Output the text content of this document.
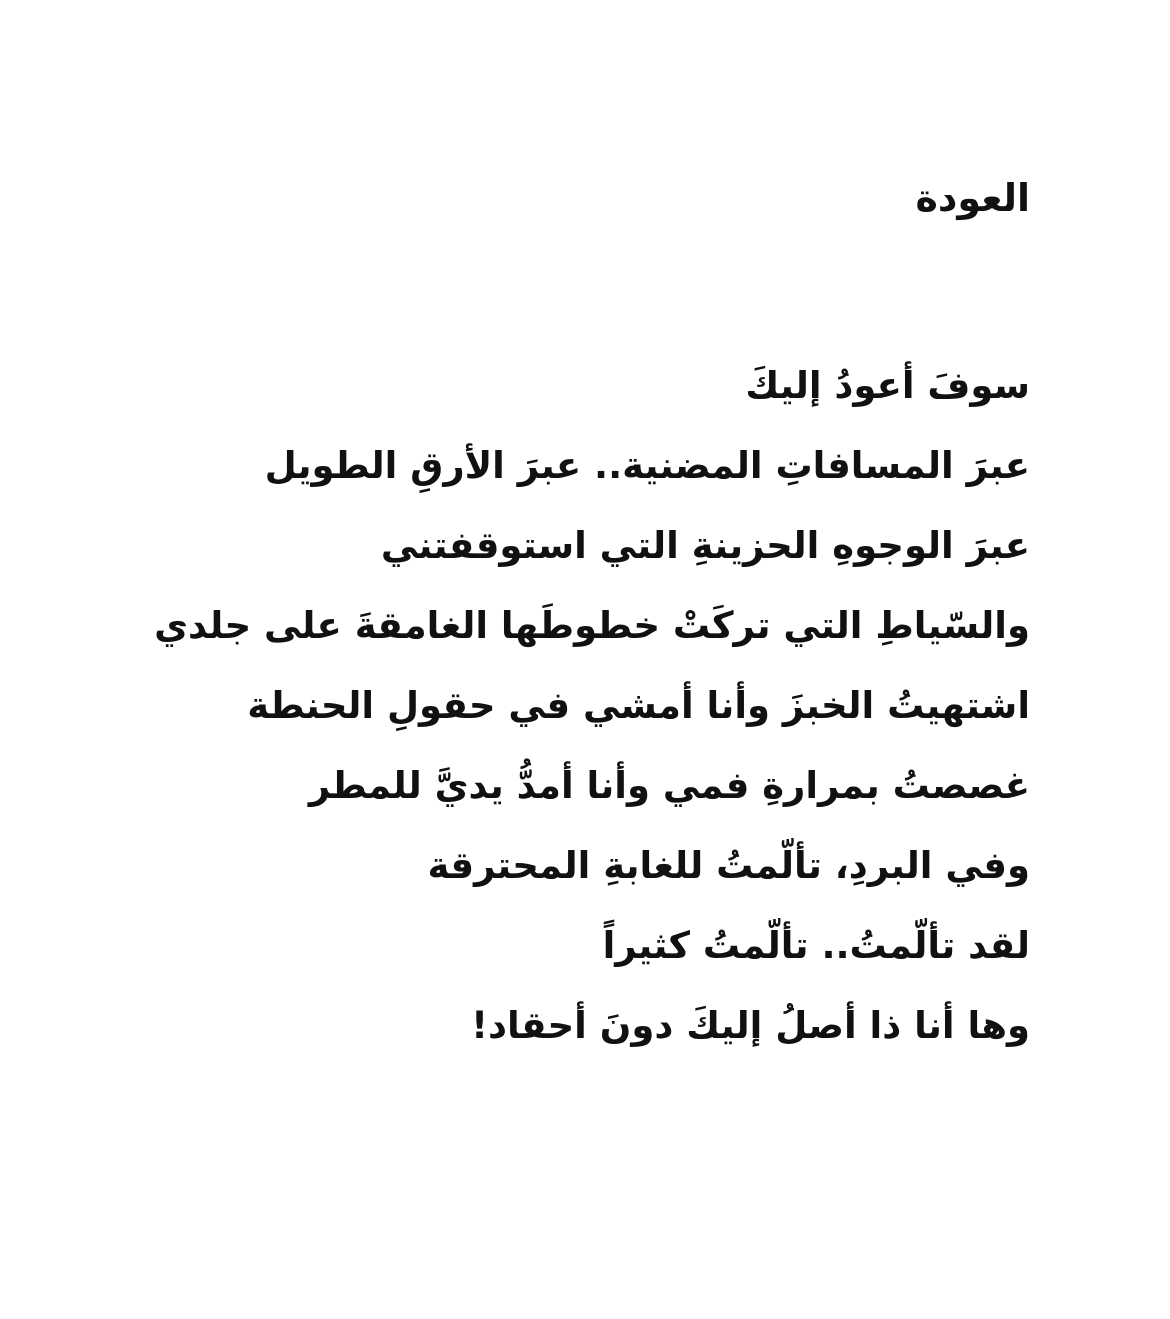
العودة
سوفَ أعودُ إليكَ
عبرَ المسافاتِ المضنية.. عبرَ الأرقِ الطويل
عبرَ الوجوهِ الحزينةِ التي استوقفتني
والسّياطِ التي تركَتْ خطوطَها الغامقةَ على جلدي
اشتهيتُ الخبزَ وأنا أمشي في حقولِ الحنطة
غصصتُ بمرارةِ فمي وأنا أمدُّ يديَّ للمطر
وفي البردِ، تألّمتُ للغابةِ المحترقة
لقد تألّمتُ.. تألّمتُ كثيراً
وها أنا ذا أصلُ إليكَ دونَ أحقاد!
